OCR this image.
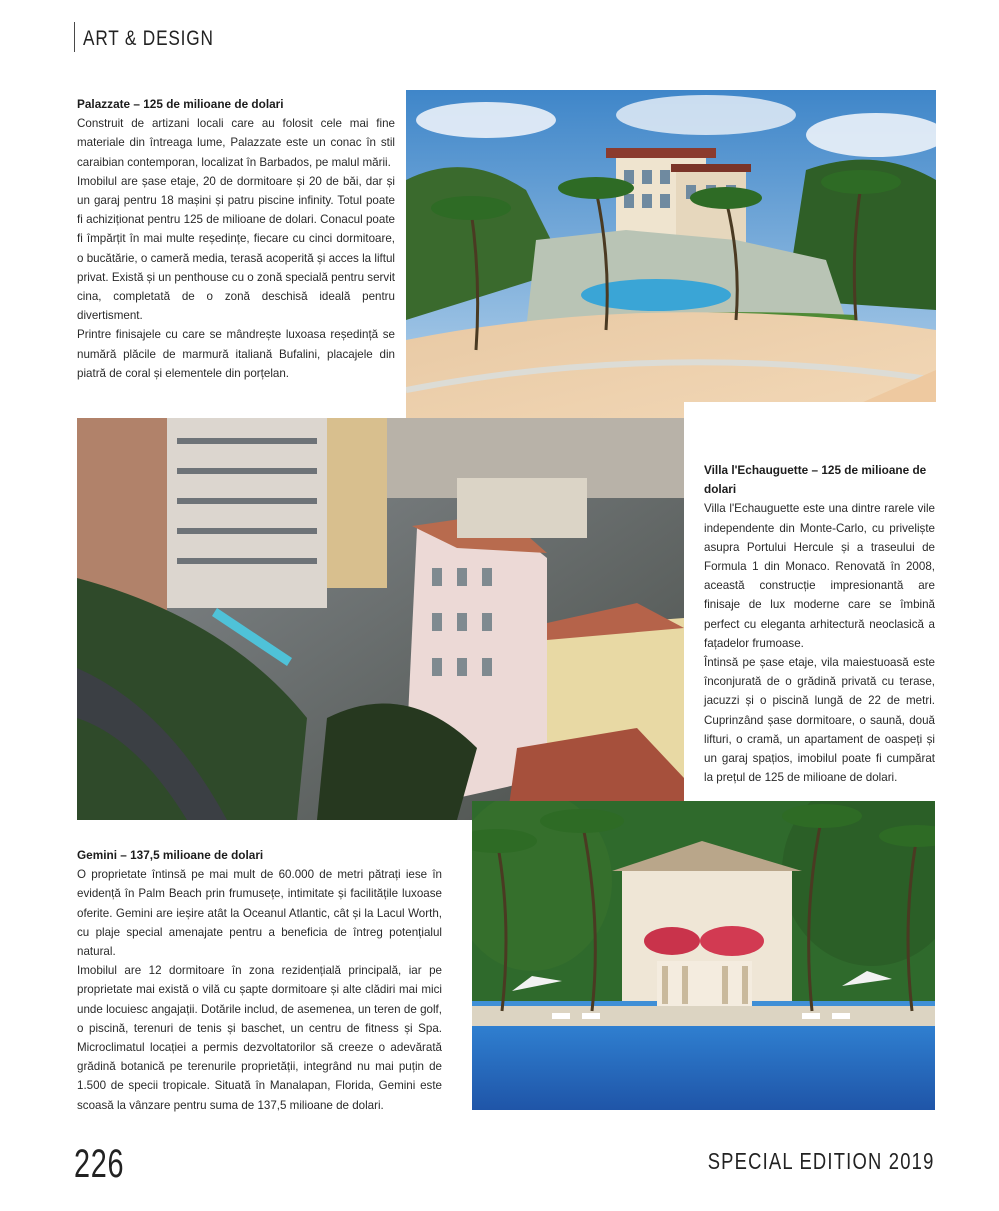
ART & DESIGN
Palazzate – 125 de milioane de dolari

Construit de artizani locali care au folosit cele mai fine materiale din întreaga lume, Palazzate este un conac în stil caraibian contemporan, localizat în Barbados, pe malul mării.

Imobilul are șase etaje, 20 de dormitoare și 20 de băi, dar și un garaj pentru 18 mașini și patru piscine infinity. Totul poate fi achiziționat pentru 125 de milioane de dolari. Conacul poate fi împărțit în mai multe reședințe, fiecare cu cinci dormitoare, o bucătărie, o cameră media, terasă acoperită și acces la liftul privat. Există și un penthouse cu o zonă specială pentru servit cina, completată de o zonă deschisă ideală pentru divertisment.

Printre finisajele cu care se mândrește luxoasa reședință se numără plăcile de marmură italiană Bufalini, placajele din piatră de coral și elementele din porțelan.

Villa l'Echauguette – 125 de milioane de dolari

Villa l'Echauguette este una dintre rarele vile independente din Monte-Carlo, cu priveliște asupra Portului Hercule și a traseului de Formula 1 din Monaco. Renovată în 2008, această construcție impresionantă are finisaje de lux moderne care se îmbină perfect cu eleganta arhitectură neoclasică a fațadelor frumoase.

Întinsă pe șase etaje, vila maiestuoasă este înconjurată de o grădină privată cu terase, jacuzzi și o piscină lungă de 22 de metri. Cuprinzând șase dormitoare, o saună, două lifturi, o cramă, un apartament de oaspeți și un garaj spațios, imobilul poate fi cumpărat la prețul de 125 de milioane de dolari.

Gemini – 137,5 milioane de dolari

O proprietate întinsă pe mai mult de 60.000 de metri pătrați iese în evidență în Palm Beach prin frumusețe, intimitate și facilitățile luxoase oferite. Gemini are ieșire atât la Oceanul Atlantic, cât și la Lacul Worth, cu plaje special amenajate pentru a beneficia de întreg potențialul natural.

Imobilul are 12 dormitoare în zona rezidențială principală, iar pe proprietate mai există o vilă cu șapte dormitoare și alte clădiri mai mici unde locuiesc angajații. Dotările includ, de asemenea, un teren de golf, o piscină, terenuri de tenis și baschet, un centru de fitness și Spa. Microclimatul locației a permis dezvoltatorilor să creeze o adevărată grădină botanică pe terenurile proprietății, integrând nu mai puțin de 1.500 de specii tropicale. Situată în Manalapan, Florida, Gemini este scoasă la vânzare pentru suma de 137,5 milioane de dolari.

226	SPECIAL EDITION 2019
